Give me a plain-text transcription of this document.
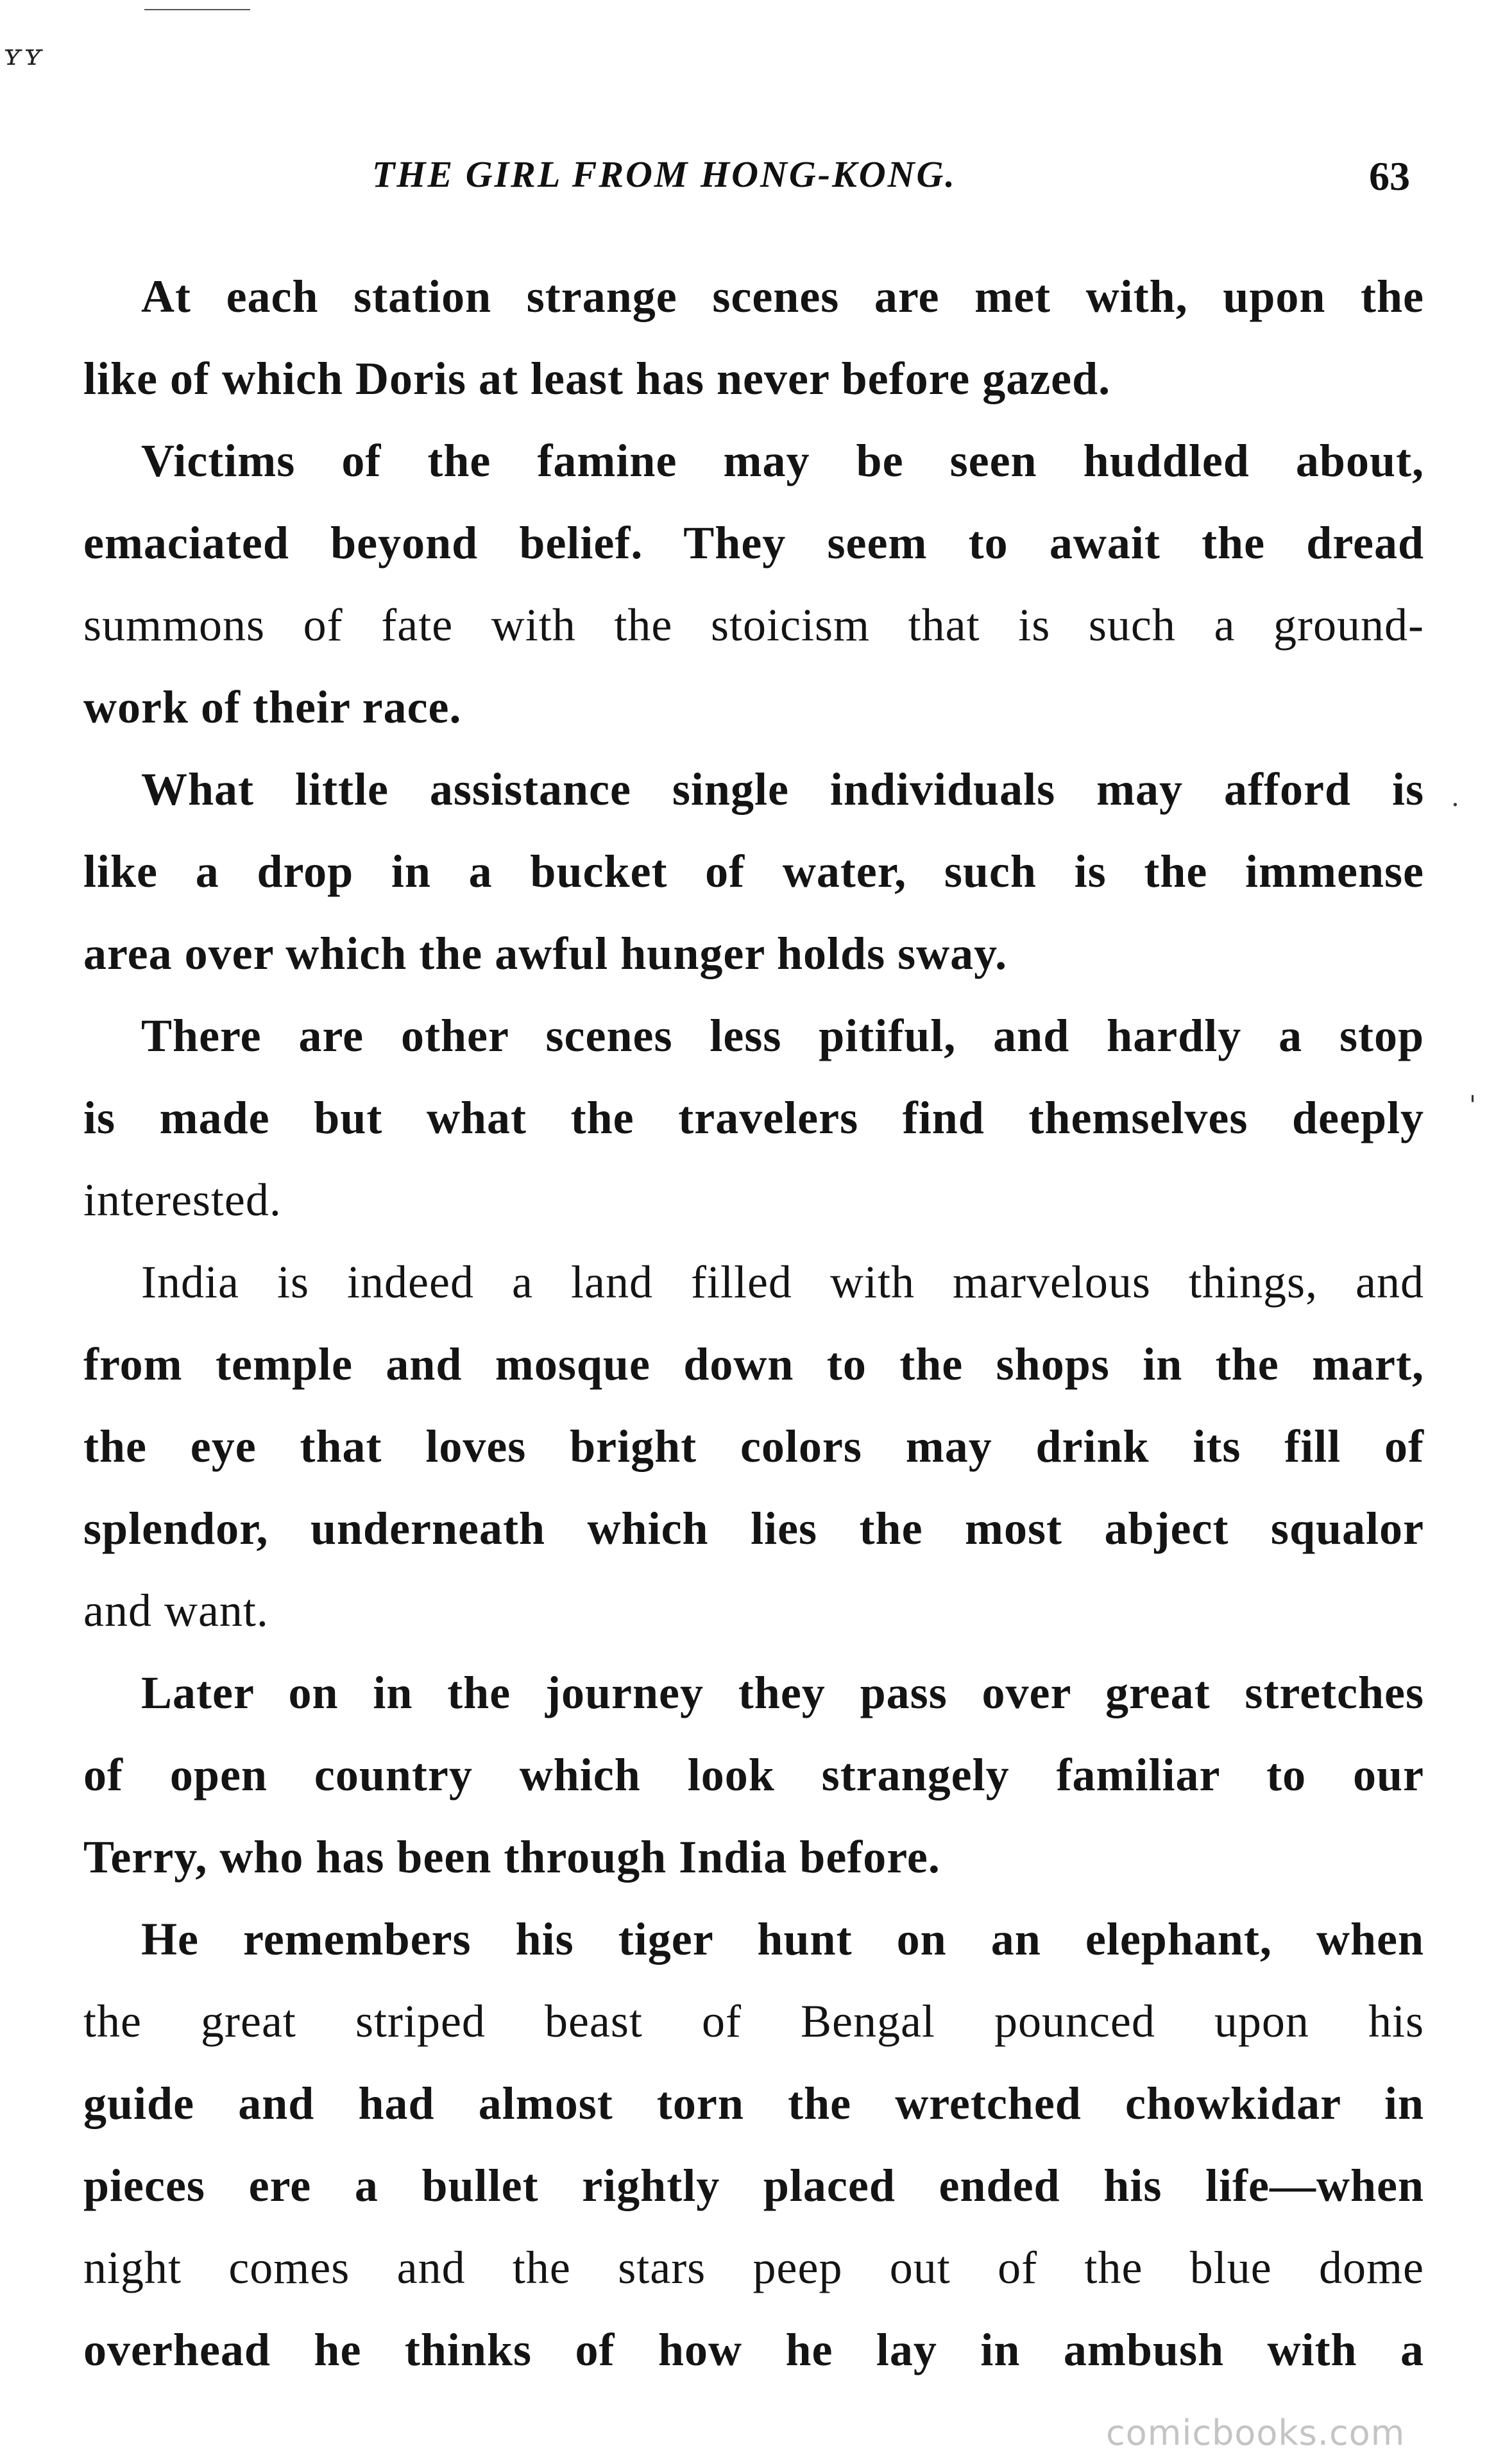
ʏʏ
THE GIRL FROM HONG-KONG.	63
At each station strange scenes are met with, upon the
like of which Doris at least has never before gazed.
Victims of the famine may be seen huddled about,
emaciated beyond belief. They seem to await the dread
summons of fate with the stoicism that is such a ground-
work of their race.
What little assistance single individuals may afford is
like a drop in a bucket of water, such is the immense
area over which the awful hunger holds sway.
There are other scenes less pitiful, and hardly a stop
is made but what the travelers find themselves deeply
interested.
India is indeed a land filled with marvelous things, and
from temple and mosque down to the shops in the mart,
the eye that loves bright colors may drink its fill of
splendor, underneath which lies the most abject squalor
and want.
Later on in the journey they pass over great stretches
of open country which look strangely familiar to our
Terry, who has been through India before.
He remembers his tiger hunt on an elephant, when
the great striped beast of Bengal pounced upon his
guide and had almost torn the wretched chowkidar in
pieces ere a bullet rightly placed ended his life—when
night comes and the stars peep out of the blue dome
overhead he thinks of how he lay in ambush with a
.
'
comicbooks.com
